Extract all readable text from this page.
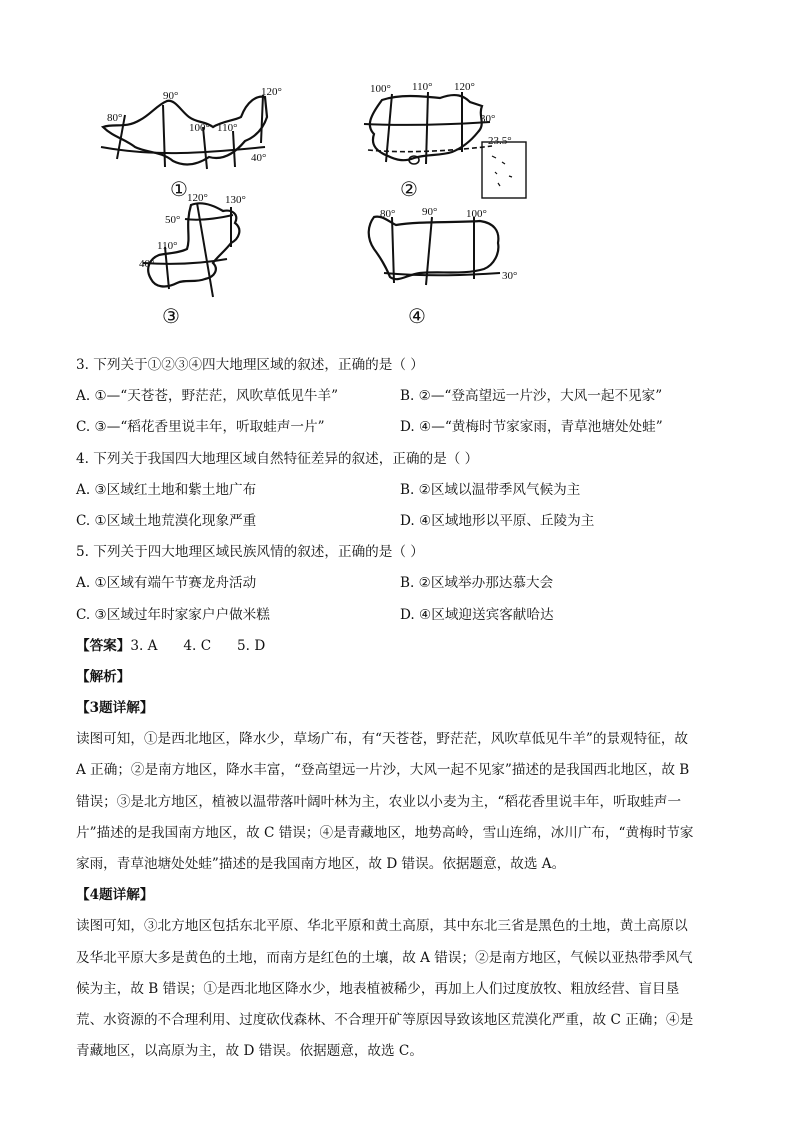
80°
90°
100° 110°
120°
40°
①
100° 110° 120°
30°
23.5°
②
120° 130°
50°
110°
40°
③
80° 90°	100°
30°
④
3. 下列关于①②③④四大地理区域的叙述，正确的是（ ）
A. ①—“天苍苍，野茫茫，风吹草低见牛羊”	B. ②—“登高望远一片沙，大风一起不见家”
C. ③—“稻花香里说丰年，听取蛙声一片”	D. ④—“黄梅时节家家雨，青草池塘处处蛙”
4. 下列关于我国四大地理区域自然特征差异的叙述，正确的是（ ）
A. ③区域红土地和紫土地广布	B. ②区域以温带季风气候为主
C. ①区域土地荒漠化现象严重	D. ④区域地形以平原、丘陵为主
5. 下列关于四大地理区域民族风情的叙述，正确的是（ ）
A. ①区域有端午节赛龙舟活动	B. ②区域举办那达慕大会
C. ③区域过年时家家户户做米糕	D. ④区域迎送宾客献哈达
【答案】3. A      4. C      5. D
【解析】
【3题详解】
读图可知，①是西北地区，降水少，草场广布，有“天苍苍，野茫茫，风吹草低见牛羊”的景观特征，故
A 正确；②是南方地区，降水丰富，“登高望远一片沙，大风一起不见家”描述的是我国西北地区，故 B
错误；③是北方地区，植被以温带落叶阔叶林为主，农业以小麦为主，“稻花香里说丰年，听取蛙声一
片”描述的是我国南方地区，故 C 错误；④是青藏地区，地势高岭，雪山连绵，冰川广布，“黄梅时节家
家雨，青草池塘处处蛙”描述的是我国南方地区，故 D 错误。依据题意，故选 A。
【4题详解】
读图可知，③北方地区包括东北平原、华北平原和黄土高原，其中东北三省是黑色的土地，黄土高原以
及华北平原大多是黄色的土地，而南方是红色的土壤，故 A 错误；②是南方地区，气候以亚热带季风气
候为主，故 B 错误；①是西北地区降水少，地表植被稀少，再加上人们过度放牧、粗放经营、盲目垦
荒、水资源的不合理利用、过度砍伐森林、不合理开矿等原因导致该地区荒漠化严重，故 C 正确；④是
青藏地区，以高原为主，故 D 错误。依据题意，故选 C。
